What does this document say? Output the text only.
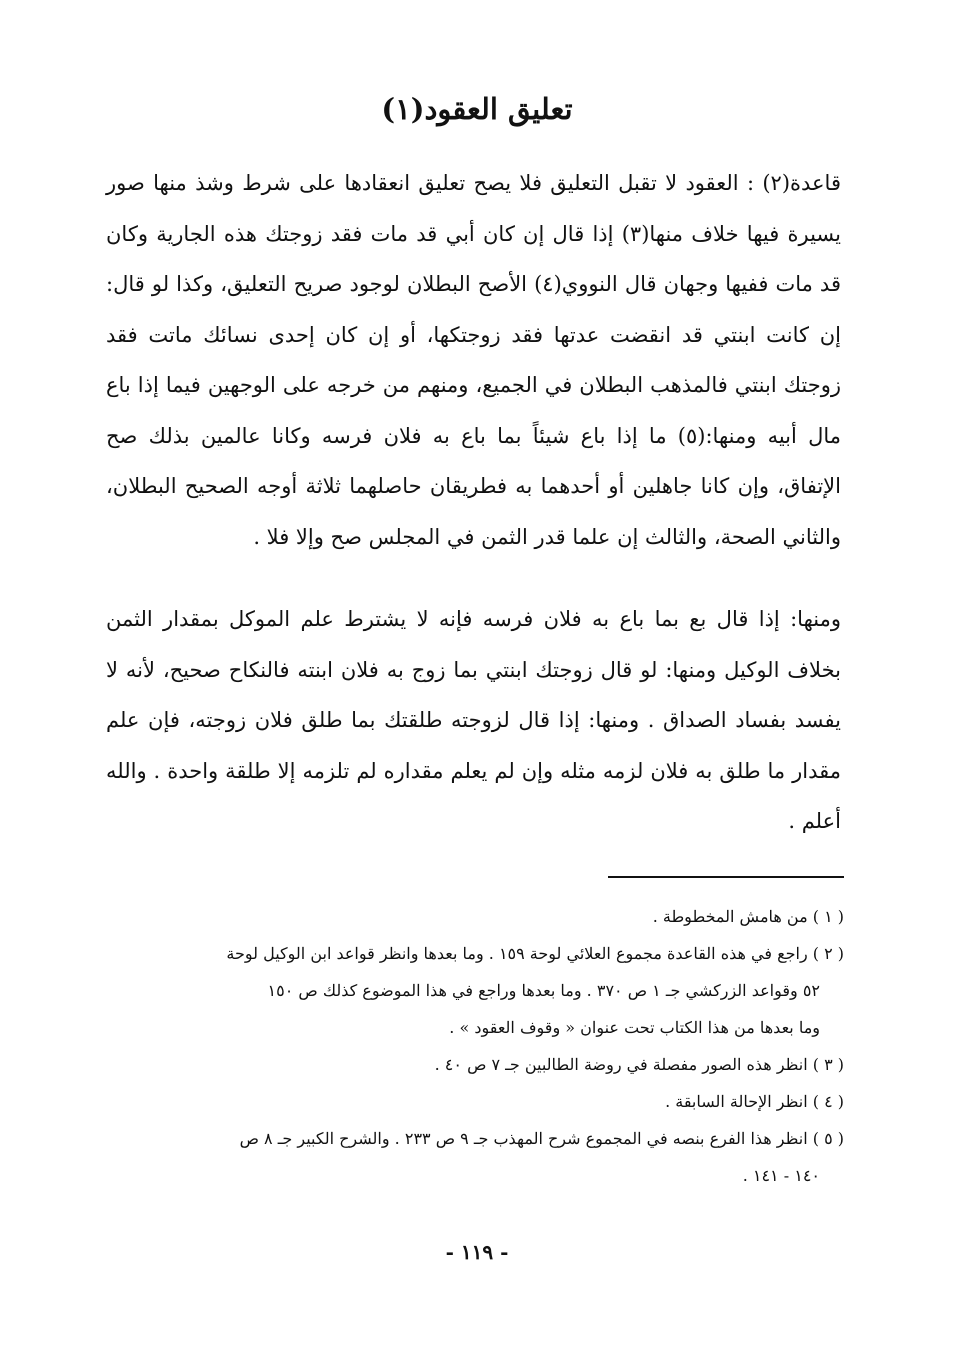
تعليق العقود(١)

قاعدة(٢) : العقود لا تقبل التعليق فلا يصح تعليق انعقادها على شرط وشذ منها صور يسيرة فيها خلاف منها(٣) إذا قال إن كان أبي قد مات فقد زوجتك هذه الجارية وكان قد مات ففيها وجهان قال النووي(٤) الأصح البطلان لوجود صريح التعليق، وكذا لو قال: إن كانت ابنتي قد انقضت عدتها فقد زوجتكها، أو إن كان إحدى نسائك ماتت فقد زوجتك ابنتي فالمذهب البطلان في الجميع، ومنهم من خرجه على الوجهين فيما إذا باع مال أبيه ومنها:(٥) ما إذا باع شيئاً بما باع به فلان فرسه وكانا عالمين بذلك صح الإتفاق، وإن كانا جاهلين أو أحدهما به فطريقان حاصلهما ثلاثة أوجه الصحيح البطلان، والثاني الصحة، والثالث إن علما قدر الثمن في المجلس صح وإلا فلا .

ومنها: إذا قال بع بما باع به فلان فرسه فإنه لا يشترط علم الموكل بمقدار الثمن بخلاف الوكيل ومنها: لو قال زوجتك ابنتي بما زوج به فلان ابنته فالنكاح صحيح، لأنه لا يفسد بفساد الصداق . ومنها: إذا قال لزوجته طلقتك بما طلق فلان زوجته، فإن علم مقدار ما طلق به فلان لزمه مثله وإن لم يعلم مقداره لم تلزمه إلا طلقة واحدة . والله أعلم .

( ١ ) من هامش المخطوطة .

( ٢ ) راجع في هذه القاعدة مجموع العلائي لوحة ١٥٩ . وما بعدها وانظر قواعد ابن الوكيل لوحة

٥٢ وقواعد الزركشي جـ ١ ص ٣٧٠ . وما بعدها وراجع في هذا الموضوع كذلك ص ١٥٠

وما بعدها من هذا الكتاب تحت عنوان « وقوف العقود » .

( ٣ ) انظر هذه الصور مفصلة في روضة الطالبين جـ ٧ ص ٤٠ .

( ٤ ) انظر الإحالة السابقة .

( ٥ ) انظر هذا الفرع بنصه في المجموع شرح المهذب جـ ٩ ص ٢٣٣ . والشرح الكبير جـ ٨ ص

١٤٠ - ١٤١ .

- ١١٩ -
